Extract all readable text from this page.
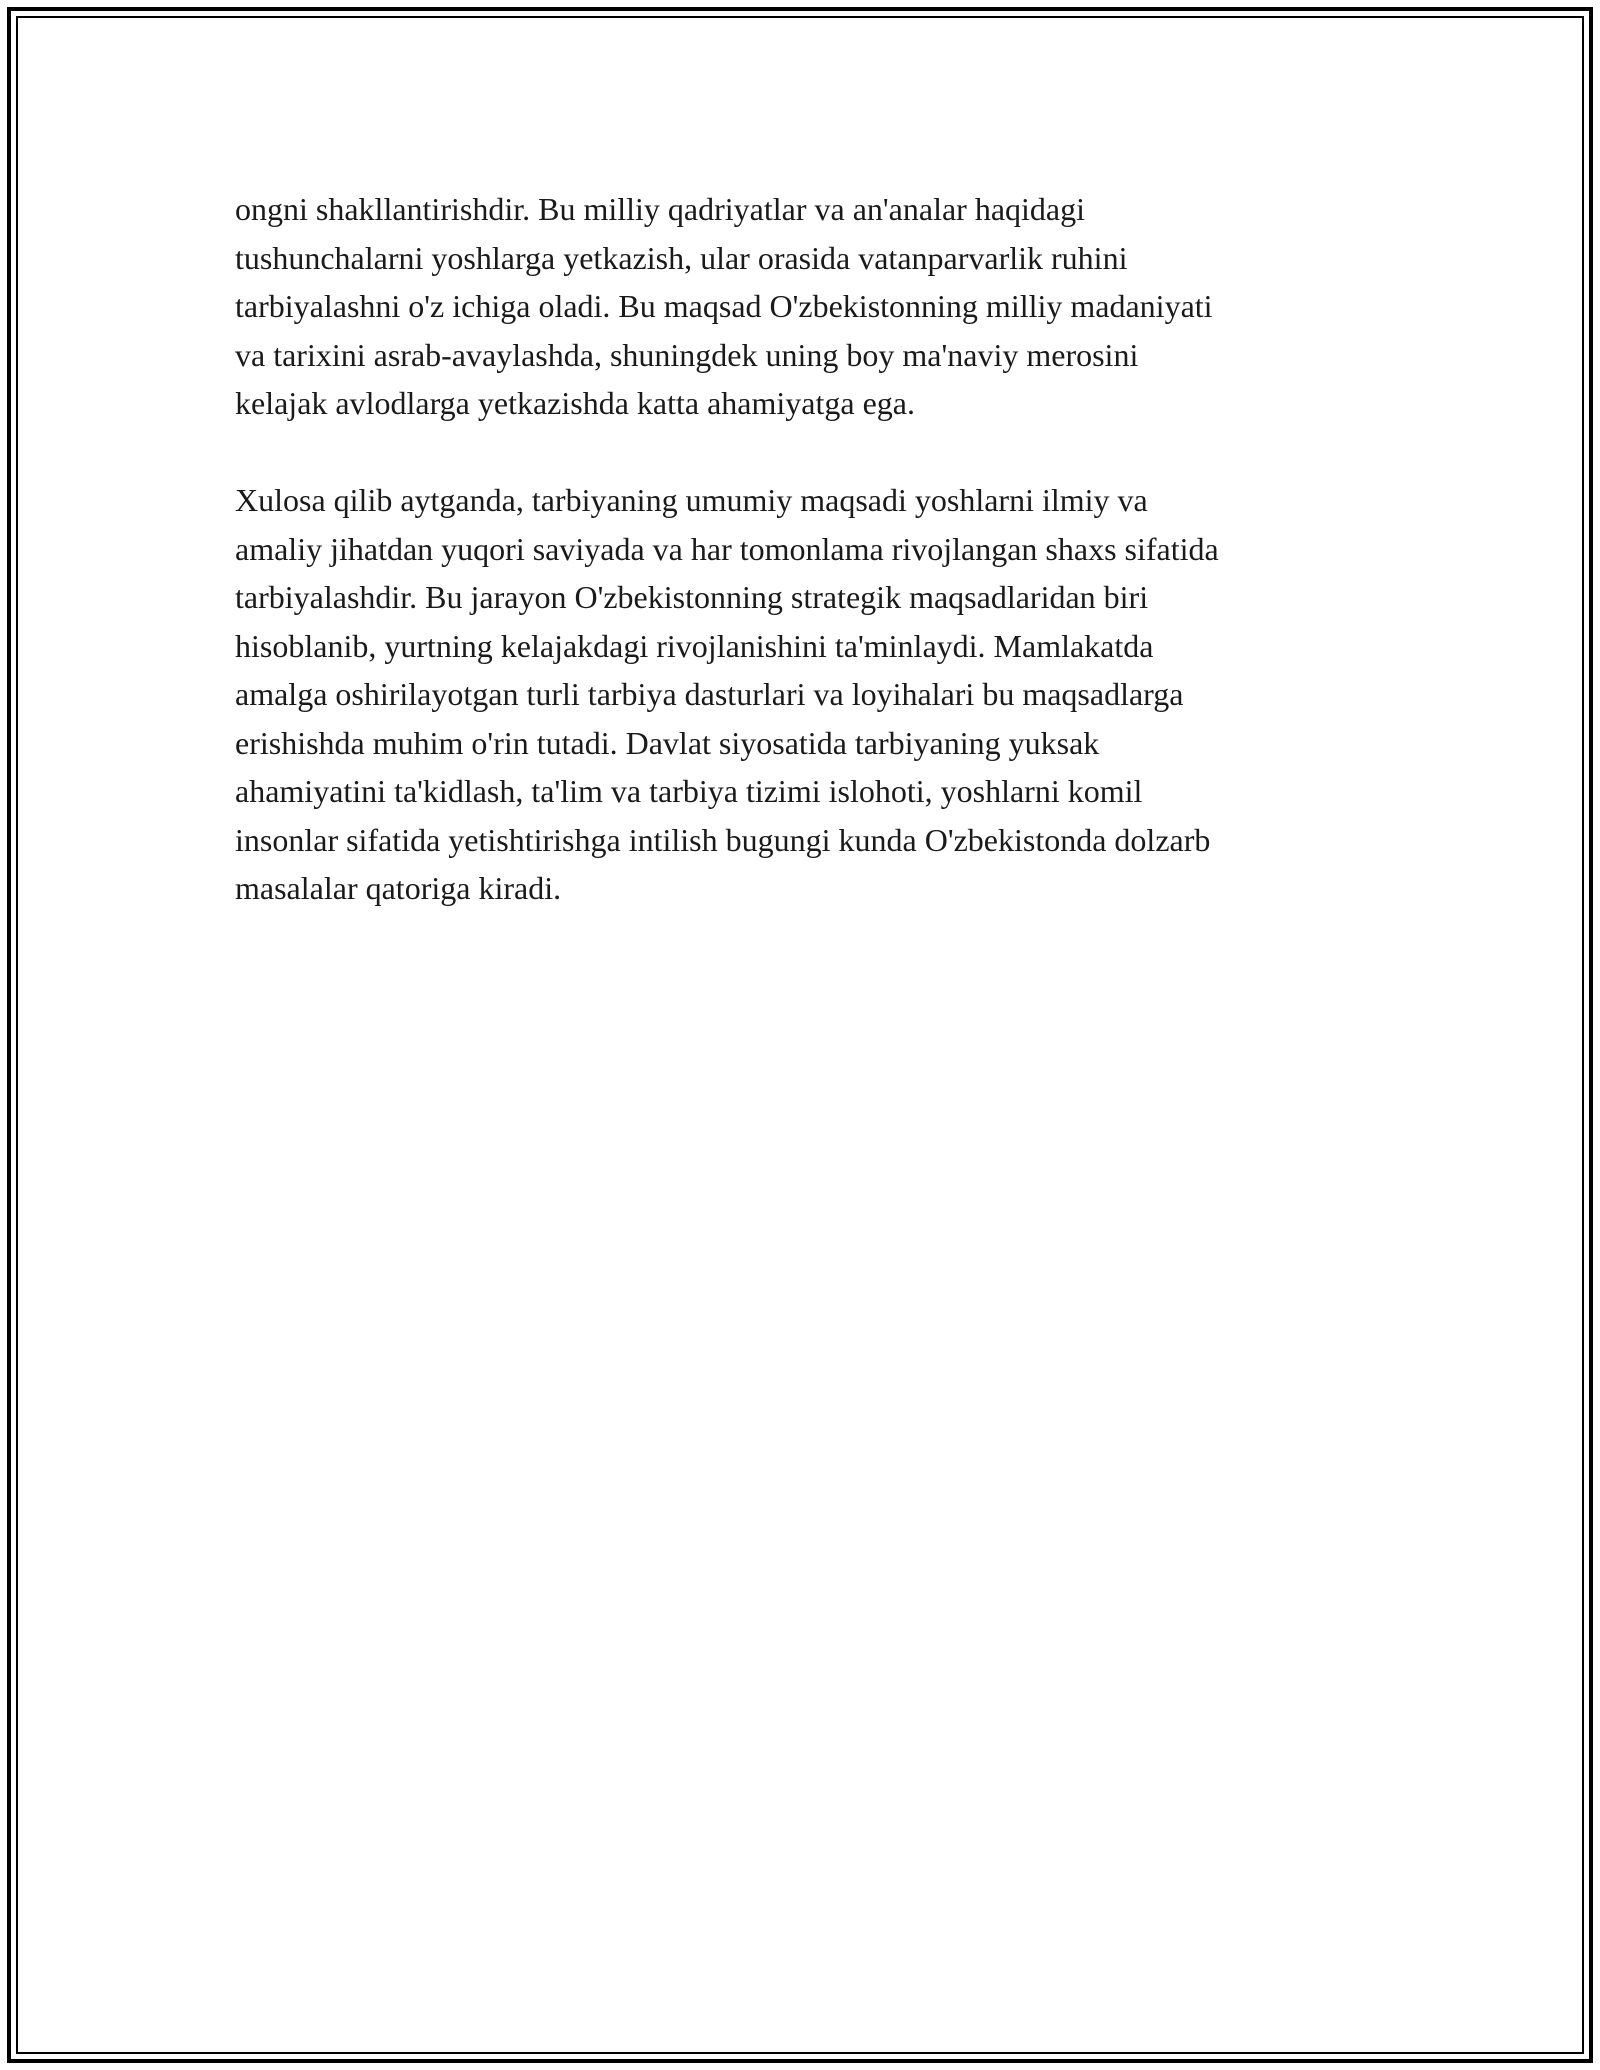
ongni shakllantirishdir. Bu milliy qadriyatlar va an'analar haqidagi
tushunchalarni yoshlarga yetkazish, ular orasida vatanparvarlik ruhini
tarbiyalashni o'z ichiga oladi. Bu maqsad O'zbekistonning milliy madaniyati
va tarixini asrab-avaylashda, shuningdek uning boy ma'naviy merosini
kelajak avlodlarga yetkazishda katta ahamiyatga ega.

Xulosa qilib aytganda, tarbiyaning umumiy maqsadi yoshlarni ilmiy va
amaliy jihatdan yuqori saviyada va har tomonlama rivojlangan shaxs sifatida
tarbiyalashdir. Bu jarayon O'zbekistonning strategik maqsadlaridan biri
hisoblanib, yurtning kelajakdagi rivojlanishini ta'minlaydi. Mamlakatda
amalga oshirilayotgan turli tarbiya dasturlari va loyihalari bu maqsadlarga
erishishda muhim o'rin tutadi. Davlat siyosatida tarbiyaning yuksak
ahamiyatini ta'kidlash, ta'lim va tarbiya tizimi islohoti, yoshlarni komil
insonlar sifatida yetishtirishga intilish bugungi kunda O'zbekistonda dolzarb
masalalar qatoriga kiradi.
